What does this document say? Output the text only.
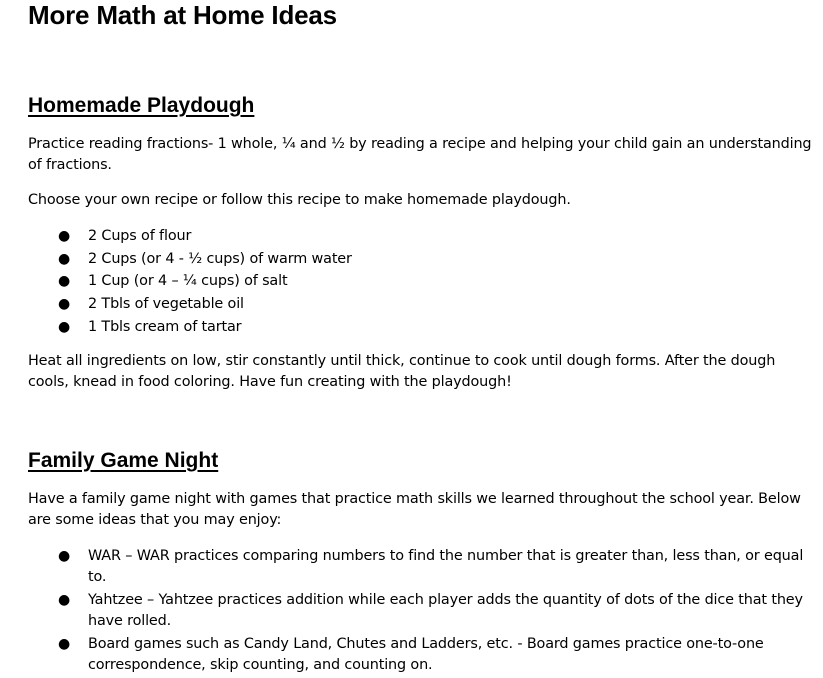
More Math at Home Ideas
Homemade Playdough

Practice reading fractions- 1 whole, ¼ and ½ by reading a recipe and helping your child gain an understanding of fractions.

Choose your own recipe or follow this recipe to make homemade playdough.

● 2 Cups of flour
● 2 Cups (or 4 - ½ cups) of warm water
● 1 Cup (or 4 – ¼ cups) of salt
● 2 Tbls of vegetable oil
● 1 Tbls cream of tartar

Heat all ingredients on low, stir constantly until thick, continue to cook until dough forms. After the dough cools, knead in food coloring. Have fun creating with the playdough!

Family Game Night

Have a family game night with games that practice math skills we learned throughout the school year. Below are some ideas that you may enjoy:

● WAR – WAR practices comparing numbers to find the number that is greater than, less than, or equal to.
● Yahtzee – Yahtzee practices addition while each player adds the quantity of dots of the dice that they have rolled.
● Board games such as Candy Land, Chutes and Ladders, etc. - Board games practice one-to-one correspondence, skip counting, and counting on.
